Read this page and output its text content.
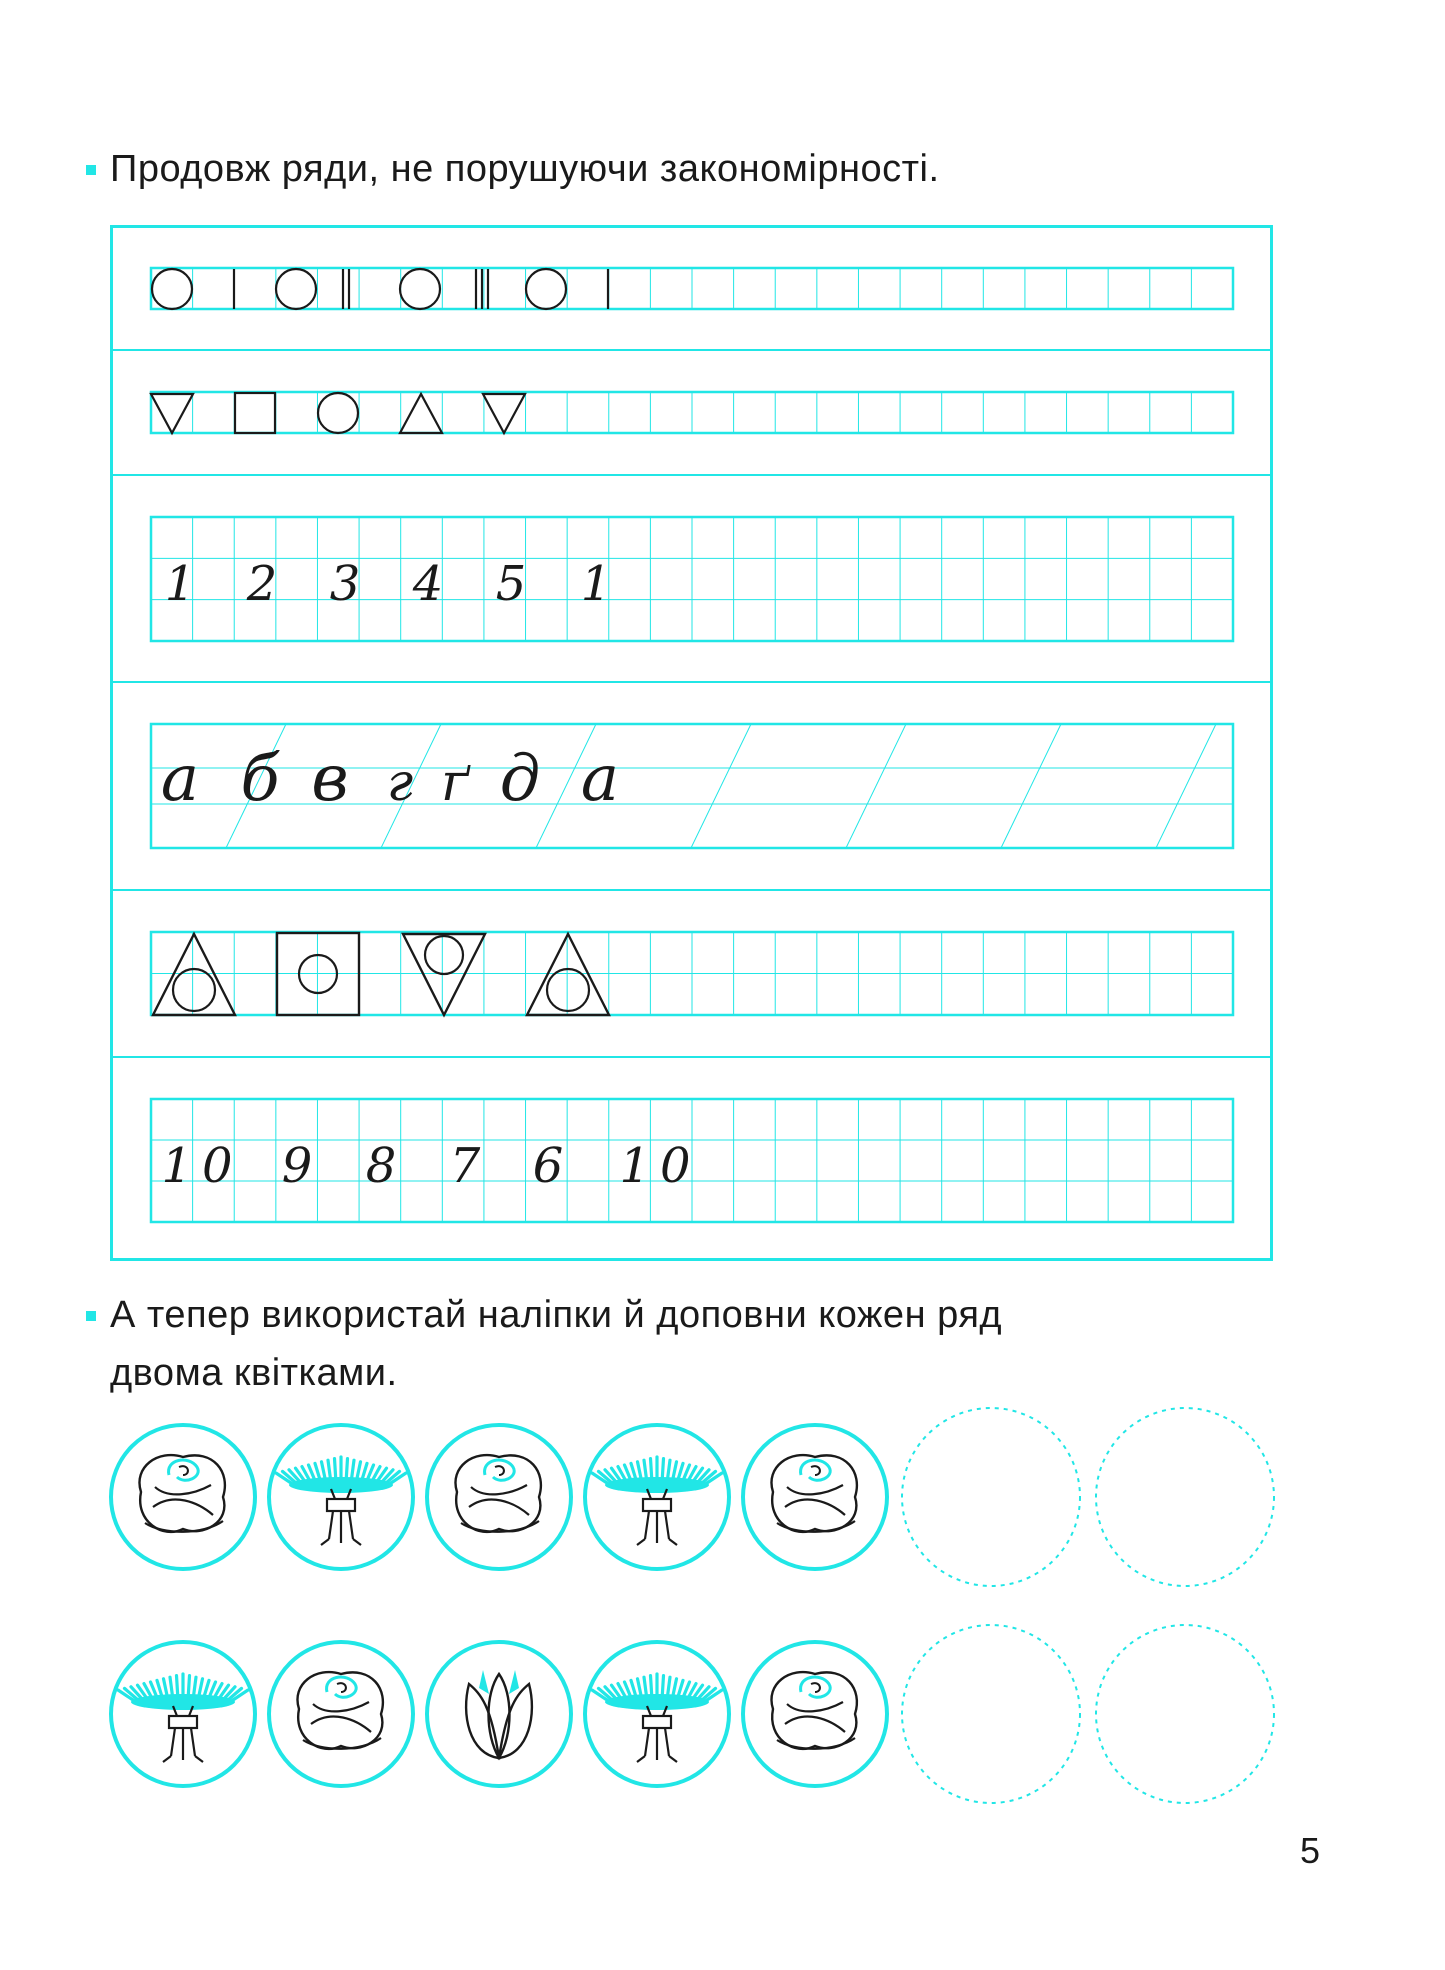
Продовж ряди, не порушуючи закономірності.
1 2 3 4 5 1
а б в г ґ д а
10 9 8 7 6 10
А тепер використай наліпки й доповни кожен ряд
двома квітками.
5
